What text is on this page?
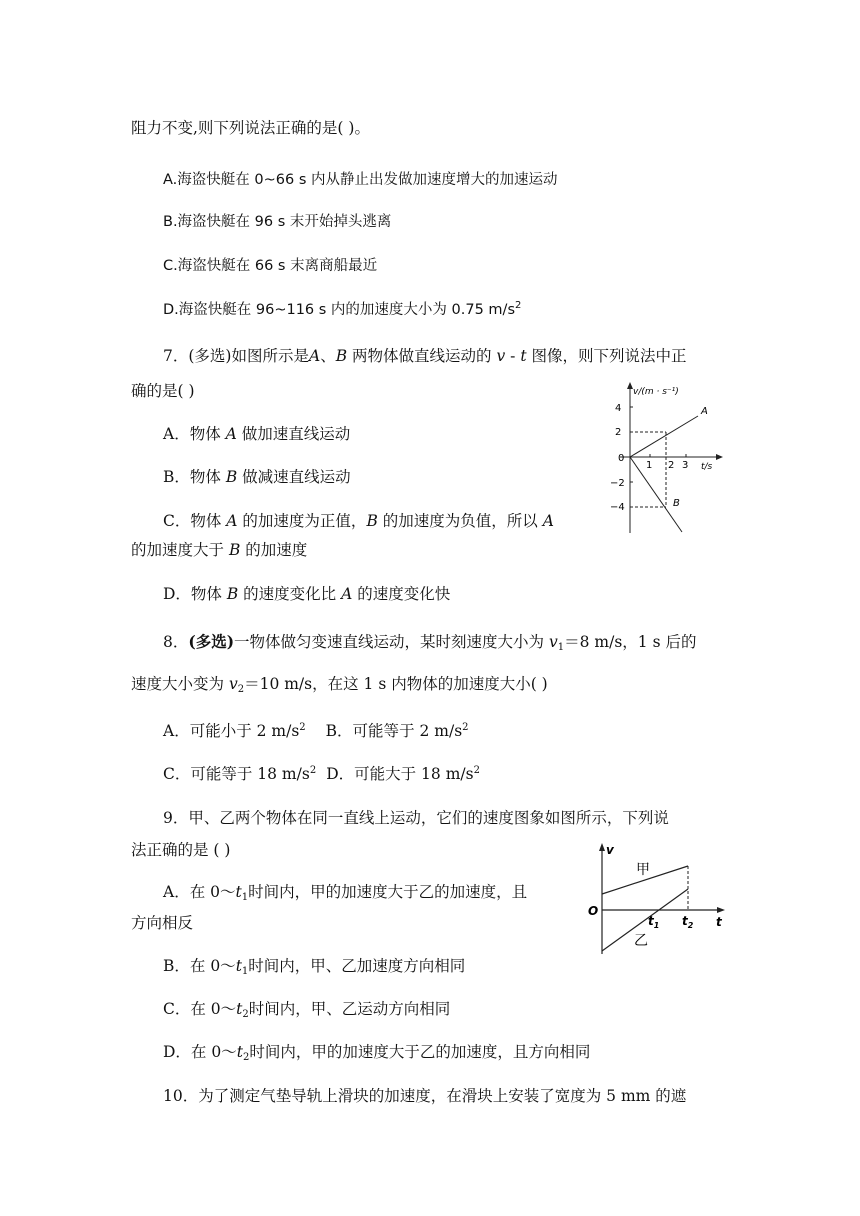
阻力不变,则下列说法正确的是( )。
A.海盗快艇在 0~66 s 内从静止出发做加速度增大的加速运动
B.海盗快艇在 96 s 末开始掉头逃离
C.海盗快艇在 66 s 末离商船最近
D.海盗快艇在 96~116 s 内的加速度大小为 0.75 $m/s^2$
7．(多选)如图所示是A、B 两物体做直线运动的 v - t 图像，则下列说法中正
确的是( )
A．物体 A 做加速直线运动
B．物体 B 做减速直线运动
C．物体 A 的加速度为正值，B 的加速度为负值，所以 A
的加速度大于 B 的加速度
D．物体 B 的速度变化比 A 的速度变化快
v/(m · s⁻¹)
t/s
4
2
0
−2
−4
1 2 3
A
B
8．(多选)一物体做匀变速直线运动，某时刻速度大小为 $v_1=8$ m/s，1 s 后的
速度大小变为 $v_2=10$ m/s，在这 1 s 内物体的加速度大小( )
A．可能小于 2 $m/s^2$ B．可能等于 2 $m/s^2$
C．可能等于 18 $m/s^2$ D．可能大于 18 $m/s^2$
9．甲、乙两个物体在同一直线上运动，它们的速度图象如图所示，下列说
法正确的是 ( )
A．在 $0\sim t_1$时间内，甲的加速度大于乙的加速度，且
方向相反
B．在 $0\sim t_1$时间内，甲、乙加速度方向相同
C．在 $0\sim t_2$时间内，甲、乙运动方向相同
D．在 $0\sim t_2$时间内，甲的加速度大于乙的加速度，且方向相同
v
t
O
甲
乙
$t_1$ $t_2$
10．为了测定气垫导轨上滑块的加速度，在滑块上安装了宽度为 5 mm 的遮
